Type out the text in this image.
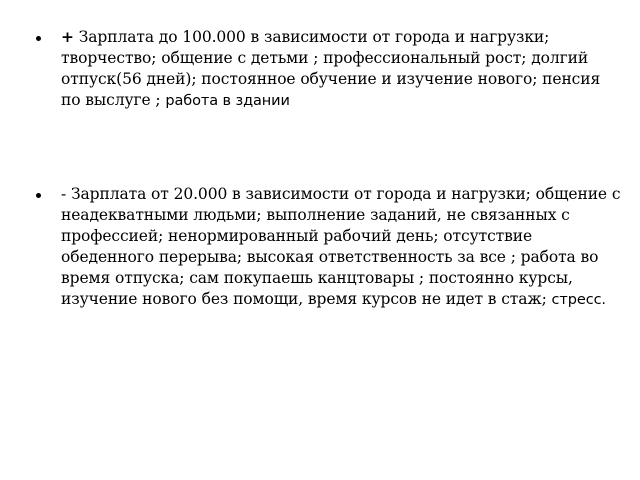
+ Зарплата до 100.000 в зависимости от города и нагрузки; творчество; общение с детьми ; профессиональный рост; долгий отпуск(56 дней); постоянное обучение и изучение нового; пенсия по выслуге ; работа в здании
- Зарплата от 20.000 в зависимости от города и нагрузки; общение с неадекватными людьми; выполнение заданий, не связанных с профессией; ненормированный рабочий день; отсутствие обеденного перерыва; высокая ответственность за все ; работа во время отпуска; сам покупаешь канцтовары ; постоянно курсы, изучение нового без помощи, время курсов не идет в стаж; стресс.
